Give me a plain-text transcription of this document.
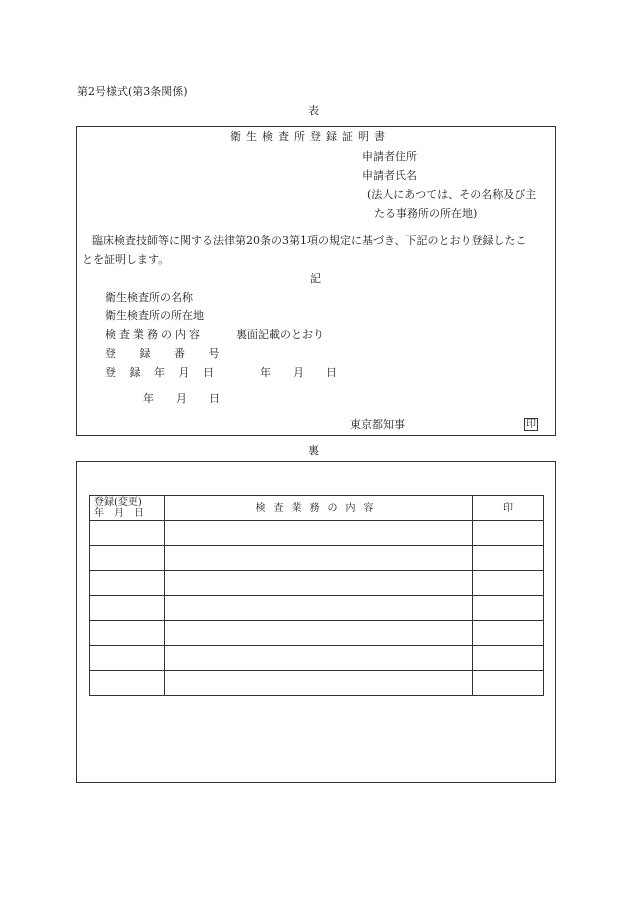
第2号様式(第3条関係)
表
衛生検査所登録証明書
申請者住所
申請者氏名
(法人にあつては、その名称及び主
たる事務所の所在地)
臨床検査技師等に関する法律第20条の3第1項の規定に基づき、下記のとおり登録したこ
とを証明します。
記
衛生検査所の名称
衛生検査所の所在地
検査業務の内容	裏面記載のとおり
登 録 番 号
登 録 年 月 日	年　　月　　日
年　　月　　日
東京都知事	印
裏
登録(変更)
年　月　日	検査業務の内容	印
